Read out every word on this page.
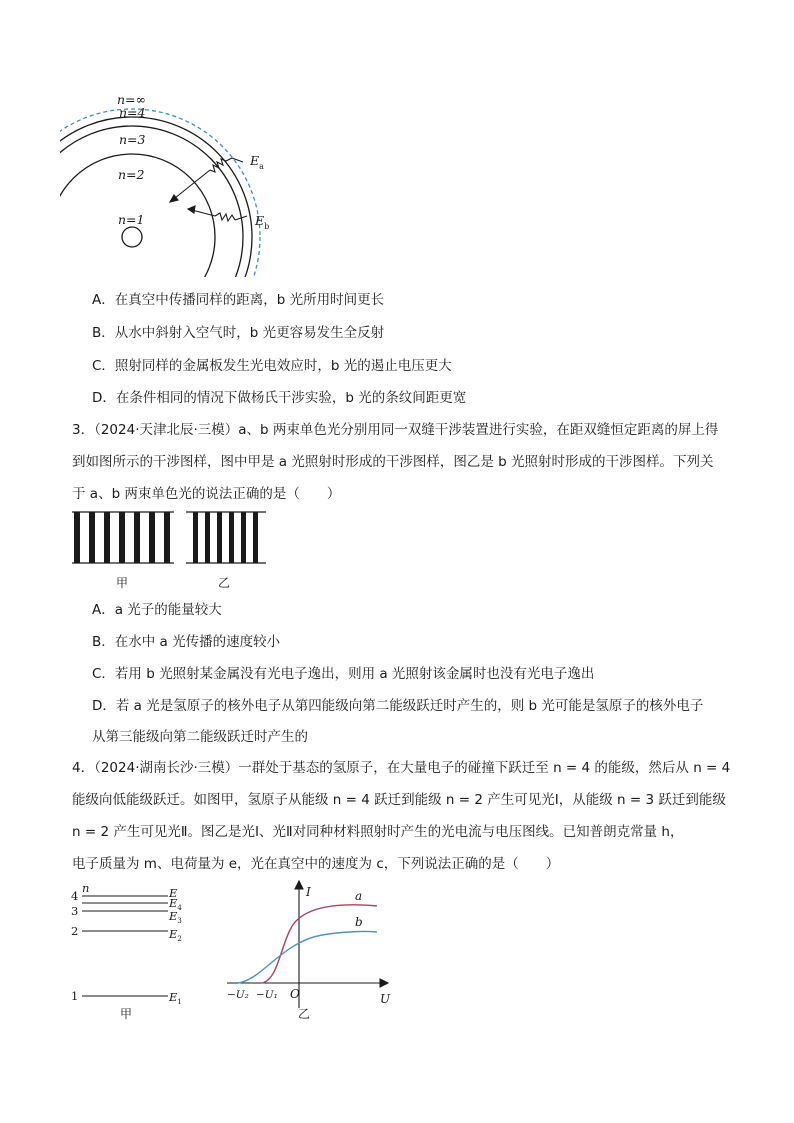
n=∞
n=4
n=3
n=2
n=1
$E_a$
$E_b$
A．在真空中传播同样的距离，b 光所用时间更长
B．从水中斜射入空气时，b 光更容易发生全反射
C．照射同样的金属板发生光电效应时，b 光的遏止电压更大
D．在条件相同的情况下做杨氏干涉实验，b 光的条纹间距更宽
3．（2024·天津北辰·三模）a、b 两束单色光分别用同一双缝干涉装置进行实验，在距双缝恒定距离的屏上得
到如图所示的干涉图样，图中甲是 a 光照射时形成的干涉图样，图乙是 b 光照射时形成的干涉图样。下列关
于 a、b 两束单色光的说法正确的是（　　）
甲	乙
A．a 光子的能量较大
B．在水中 a 光传播的速度较小
C．若用 b 光照射某金属没有光电子逸出，则用 a 光照射该金属时也没有光电子逸出
D．若 a 光是氢原子的核外电子从第四能级向第二能级跃迁时产生的，则 b 光可能是氢原子的核外电子
从第三能级向第二能级跃迁时产生的
4．（2024·湖南长沙·三模）一群处于基态的氢原子，在大量电子的碰撞下跃迁至 n = 4 的能级，然后从 n = 4
能级向低能级跃迁。如图甲，氢原子从能级 n = 4 跃迁到能级 n = 2 产生可见光Ⅰ，从能级 n = 3 跃迁到能级
n = 2 产生可见光Ⅱ。图乙是光Ⅰ、光Ⅱ对同种材料照射时产生的光电流与电压图线。已知普朗克常量 h，
电子质量为 m、电荷量为 e，光在真空中的速度为 c，下列说法正确的是（　　）
n
4
3
2
1
E
$E_4$
$E_3$
$E_2$
$E_1$
甲
I
U
O
a
b
−U₂ −U₁
乙
